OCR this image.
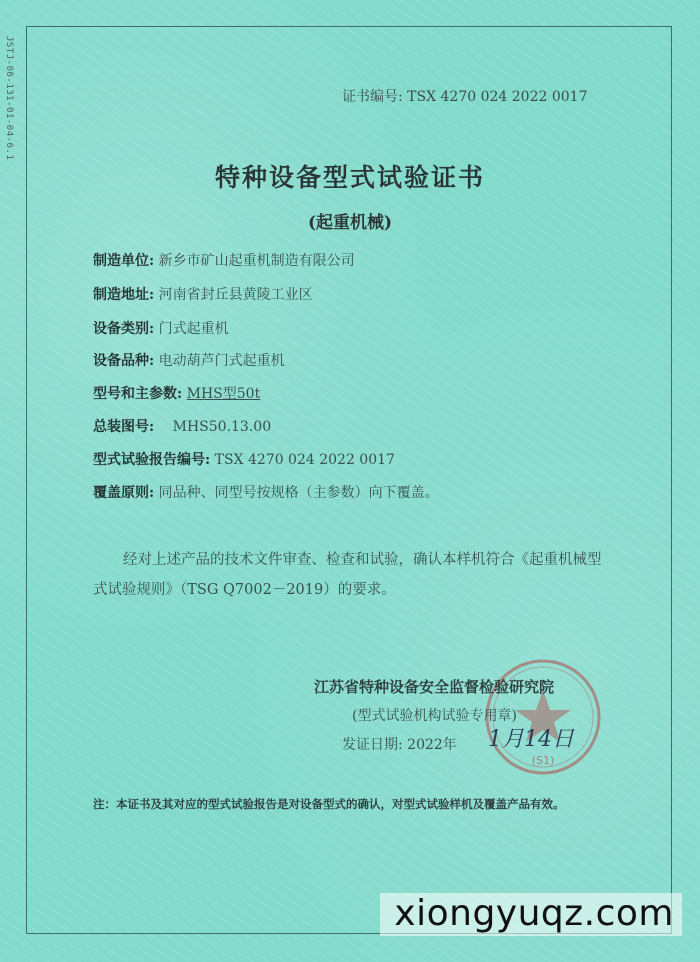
JSTJ-06-131-01-04-6.1	证书编号: TSX 4270 024 2022 0017
特种设备型式试验证书
(起重机械)
制造单位: 新乡市矿山起重机制造有限公司
制造地址: 河南省封丘县黄陵工业区
设备类别: 门式起重机
设备品种: 电动葫芦门式起重机
型号和主参数: MHS型50t
总装图号: MHS50.13.00
型式试验报告编号: TSX 4270 024 2022 0017
覆盖原则: 同品种、同型号按规格（主参数）向下覆盖。
经对上述产品的技术文件审查、检查和试验，确认本样机符合《起重机械型式试验规则》（TSG Q7002－2019）的要求。
(S1)
江苏省特种设备安全监督检验研究院
(型式试验机构试验专用章)
发证日期: 2022年 1月14日
注：本证书及其对应的型式试验报告是对设备型式的确认，对型式试验样机及覆盖产品有效。
xiongyuqz.com
